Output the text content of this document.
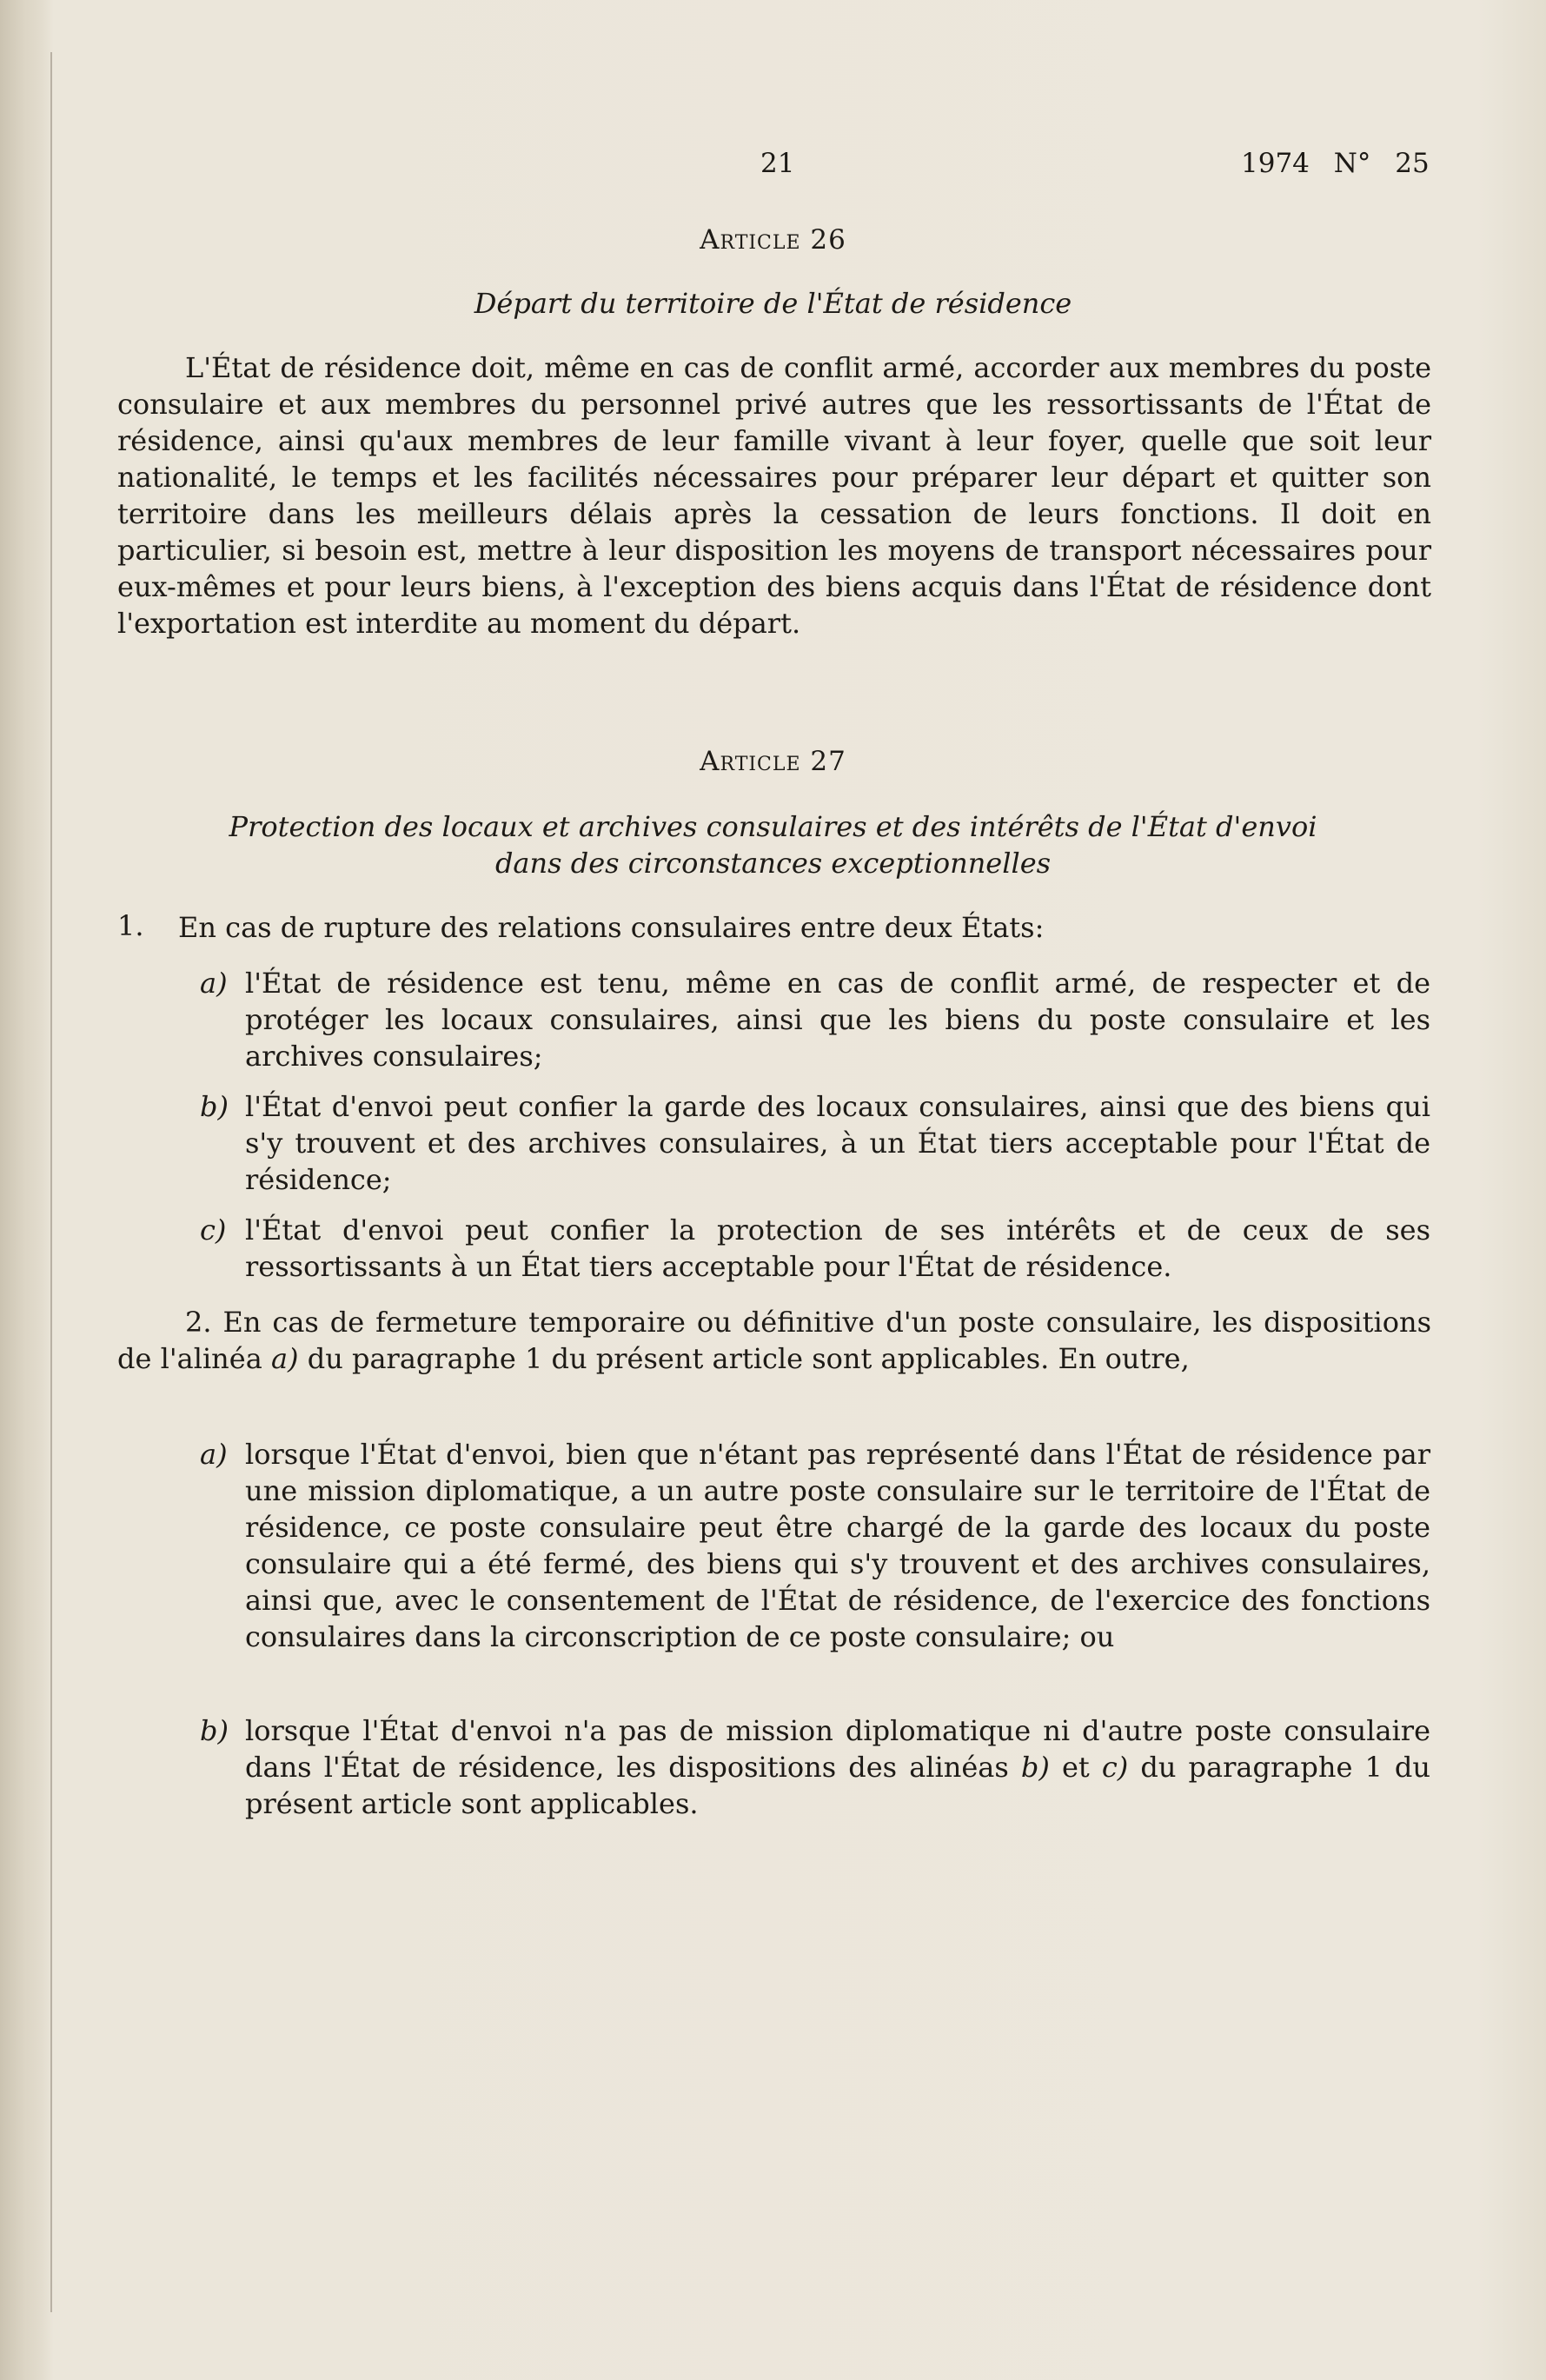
21	1974 N° 25
Article 26
Départ du territoire de l'État de résidence

L'État de résidence doit, même en cas de conflit armé, accorder aux membres du poste consulaire et aux membres du personnel privé autres que les ressortissants de l'État de résidence, ainsi qu'aux membres de leur famille vivant à leur foyer, quelle que soit leur nationalité, le temps et les facilités nécessaires pour préparer leur départ et quitter son territoire dans les meilleurs délais après la cessation de leurs fonctions. Il doit en particulier, si besoin est, mettre à leur disposition les moyens de transport nécessaires pour eux-mêmes et pour leurs biens, à l'exception des biens acquis dans l'État de résidence dont l'exportation est interdite au moment du départ.

Article 27
Protection des locaux et archives consulaires et des intérêts de l'État d'envoi
dans des circonstances exceptionnelles
1. En cas de rupture des relations consulaires entre deux États:

a) l'État de résidence est tenu, même en cas de conflit armé, de respecter et de protéger les locaux consulaires, ainsi que les biens du poste consulaire et les archives consulaires;
b) l'État d'envoi peut confier la garde des locaux consulaires, ainsi que des biens qui s'y trouvent et des archives consulaires, à un État tiers acceptable pour l'État de résidence;
c) l'État d'envoi peut confier la protection de ses intérêts et de ceux de ses ressortissants à un État tiers acceptable pour l'État de résidence.

2. En cas de fermeture temporaire ou définitive d'un poste consulaire, les dispositions de l'alinéa a) du paragraphe 1 du présent article sont applicables. En outre,

a) lorsque l'État d'envoi, bien que n'étant pas représenté dans l'État de résidence par une mission diplomatique, a un autre poste consulaire sur le territoire de l'État de résidence, ce poste consulaire peut être chargé de la garde des locaux du poste consulaire qui a été fermé, des biens qui s'y trouvent et des archives consulaires, ainsi que, avec le consentement de l'État de résidence, de l'exercice des fonctions consulaires dans la circonscription de ce poste consulaire; ou
b) lorsque l'État d'envoi n'a pas de mission diplomatique ni d'autre poste consulaire dans l'État de résidence, les dispositions des alinéas b) et c) du paragraphe 1 du présent article sont applicables.
